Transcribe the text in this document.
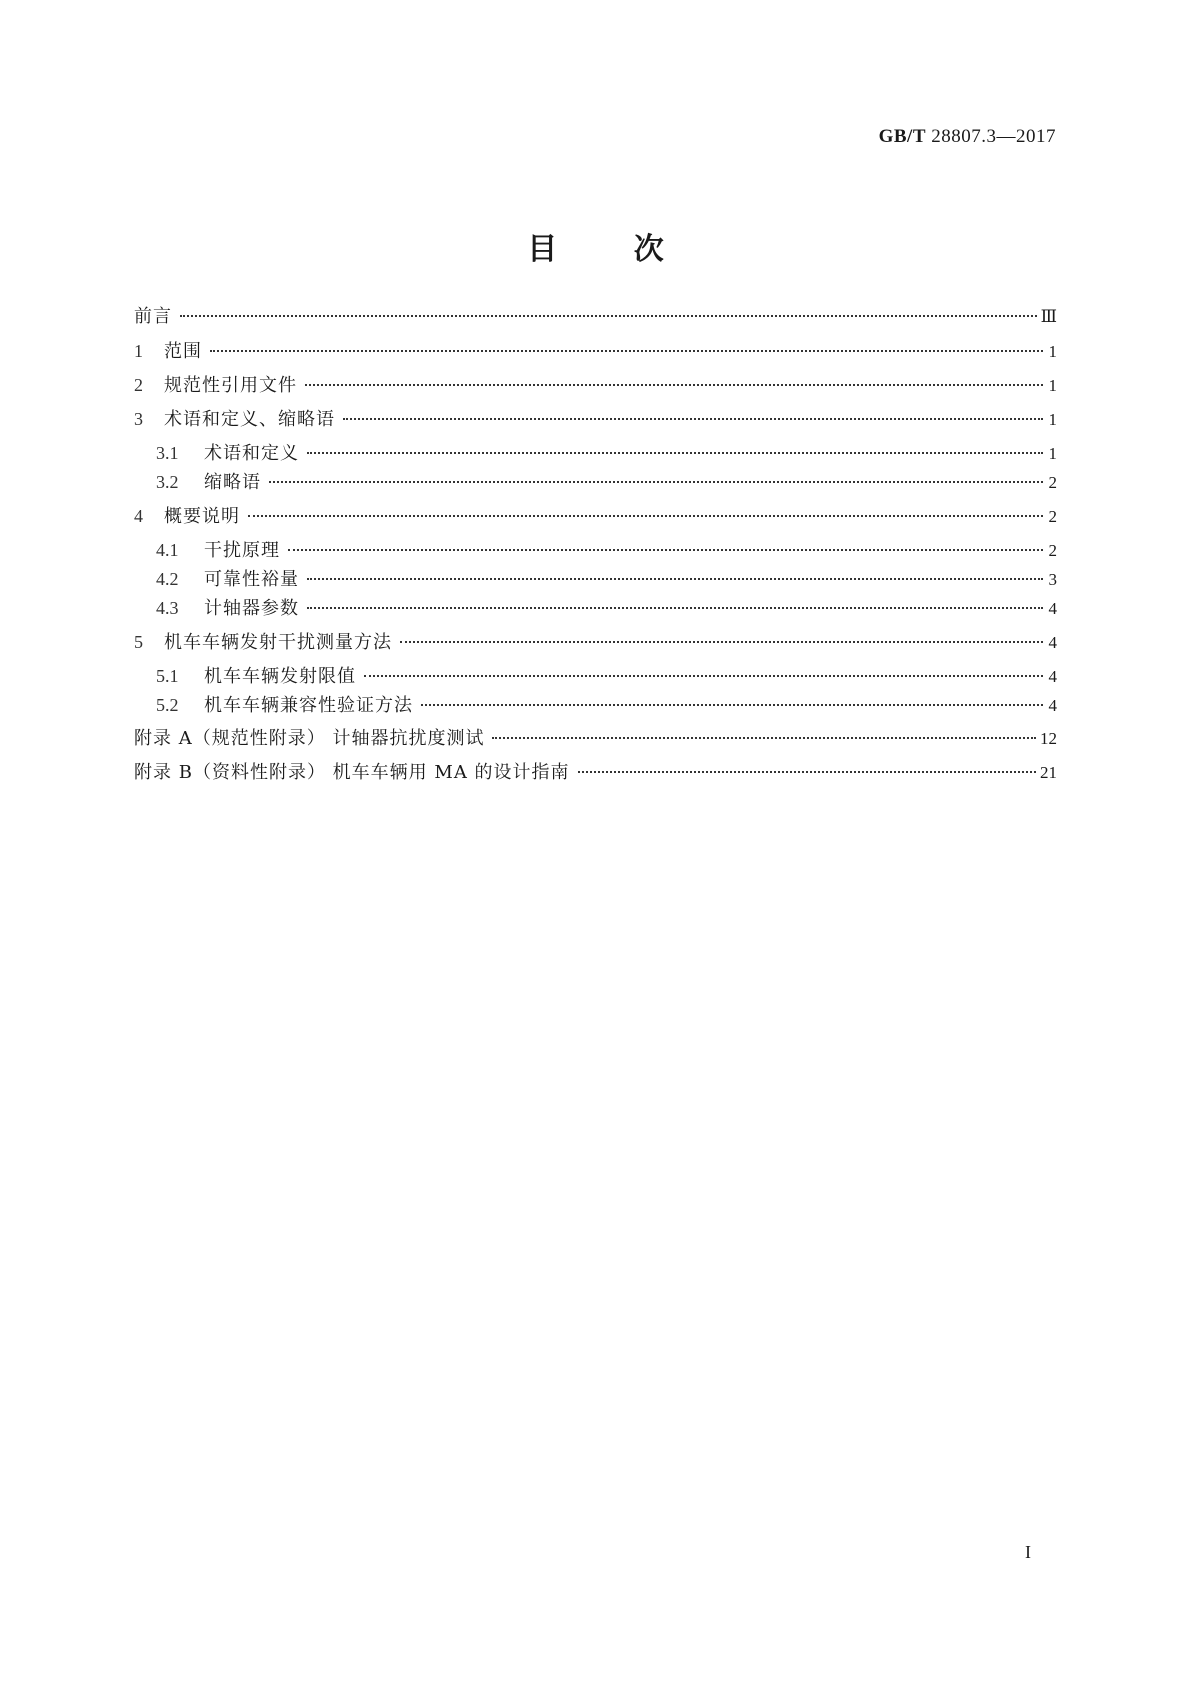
GB/T 28807.3—2017
目	次
前言	Ⅲ
1	范围	1
2	规范性引用文件	1
3	术语和定义、缩略语	1
3.1	术语和定义	1
3.2	缩略语	2
4	概要说明	2
4.1	干扰原理	2
4.2	可靠性裕量	3
4.3	计轴器参数	4
5	机车车辆发射干扰测量方法	4
5.1	机车车辆发射限值	4
5.2	机车车辆兼容性验证方法	4
附录 A（规范性附录） 计轴器抗扰度测试	12
附录 B（资料性附录） 机车车辆用 MA 的设计指南	21
I
